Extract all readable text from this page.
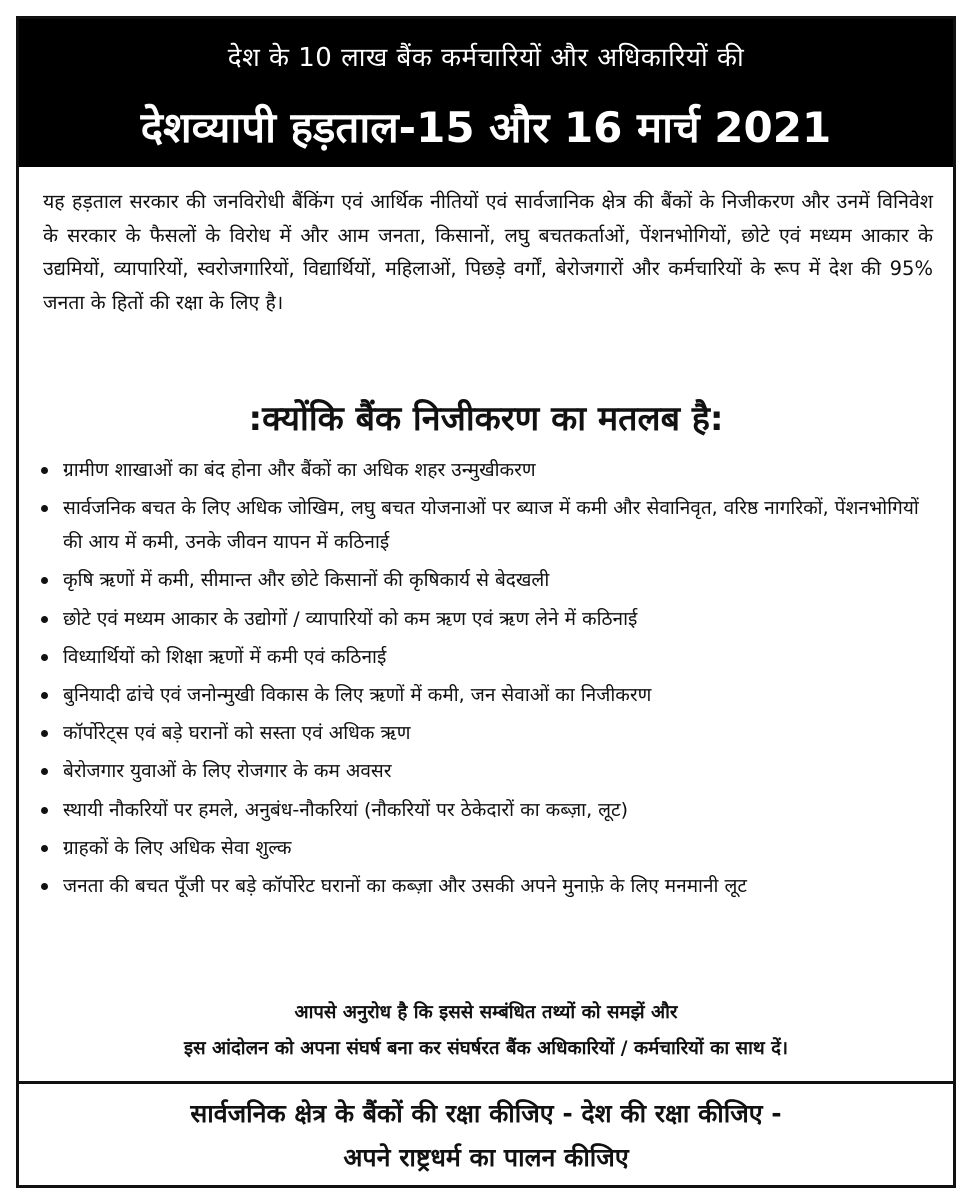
देश के 10 लाख बैंक कर्मचारियों और अधिकारियों की
देशव्यापी हड़ताल-15 और 16 मार्च 2021
यह हड़ताल सरकार की जनविरोधी बैंकिंग एवं आर्थिक नीतियों एवं सार्वजानिक क्षेत्र की बैंकों के निजीकरण और उनमें विनिवेश के सरकार के फैसलों के विरोध में और आम जनता, किसानों, लघु बचतकर्ताओं, पेंशनभोगियों, छोटे एवं मध्यम आकार के उद्यमियों, व्यापारियों, स्वरोजगारियों, विद्यार्थियों, महिलाओं, पिछड़े वर्गों, बेरोजगारों और कर्मचारियों के रूप में देश की 95% जनता के हितों की रक्षा के लिए है।
:क्योंकि बैंक निजीकरण का मतलब है:
ग्रामीण शाखाओं का बंद होना और बैंकों का अधिक शहर उन्मुखीकरण
सार्वजनिक बचत के लिए अधिक जोखिम, लघु बचत योजनाओं पर ब्याज में कमी और सेवानिवृत, वरिष्ठ नागरिकों, पेंशनभोगियों की आय में कमी, उनके जीवन यापन में कठिनाई
कृषि ऋणों में कमी, सीमान्त और छोटे किसानों की कृषिकार्य से बेदखली
छोटे एवं मध्यम आकार के उद्योगों / व्यापारियों को कम ऋण एवं ऋण लेने में कठिनाई
विध्यार्थियों को शिक्षा ऋणों में कमी एवं कठिनाई
बुनियादी ढांचे एवं जनोन्मुखी विकास के लिए ऋणों में कमी, जन सेवाओं का निजीकरण
कॉर्पोरेट्स एवं बड़े घरानों को सस्ता एवं अधिक ऋण
बेरोजगार युवाओं के लिए रोजगार के कम अवसर
स्थायी नौकरियों पर हमले, अनुबंध-नौकरियां (नौकरियों पर ठेकेदारों का कब्ज़ा, लूट)
ग्राहकों के लिए अधिक सेवा शुल्क
जनता की बचत पूँजी पर बड़े कॉर्पोरेट घरानों का कब्ज़ा और उसकी अपने मुनाफ़े के लिए मनमानी लूट
आपसे अनुरोध है कि इससे सम्बंधित तथ्यों को समझें और
इस आंदोलन को अपना संघर्ष बना कर संघर्षरत बैंक अधिकारियों / कर्मचारियों का साथ दें।
सार्वजनिक क्षेत्र के बैंकों की रक्षा कीजिए - देश की रक्षा कीजिए -
अपने राष्ट्रधर्म का पालन कीजिए
